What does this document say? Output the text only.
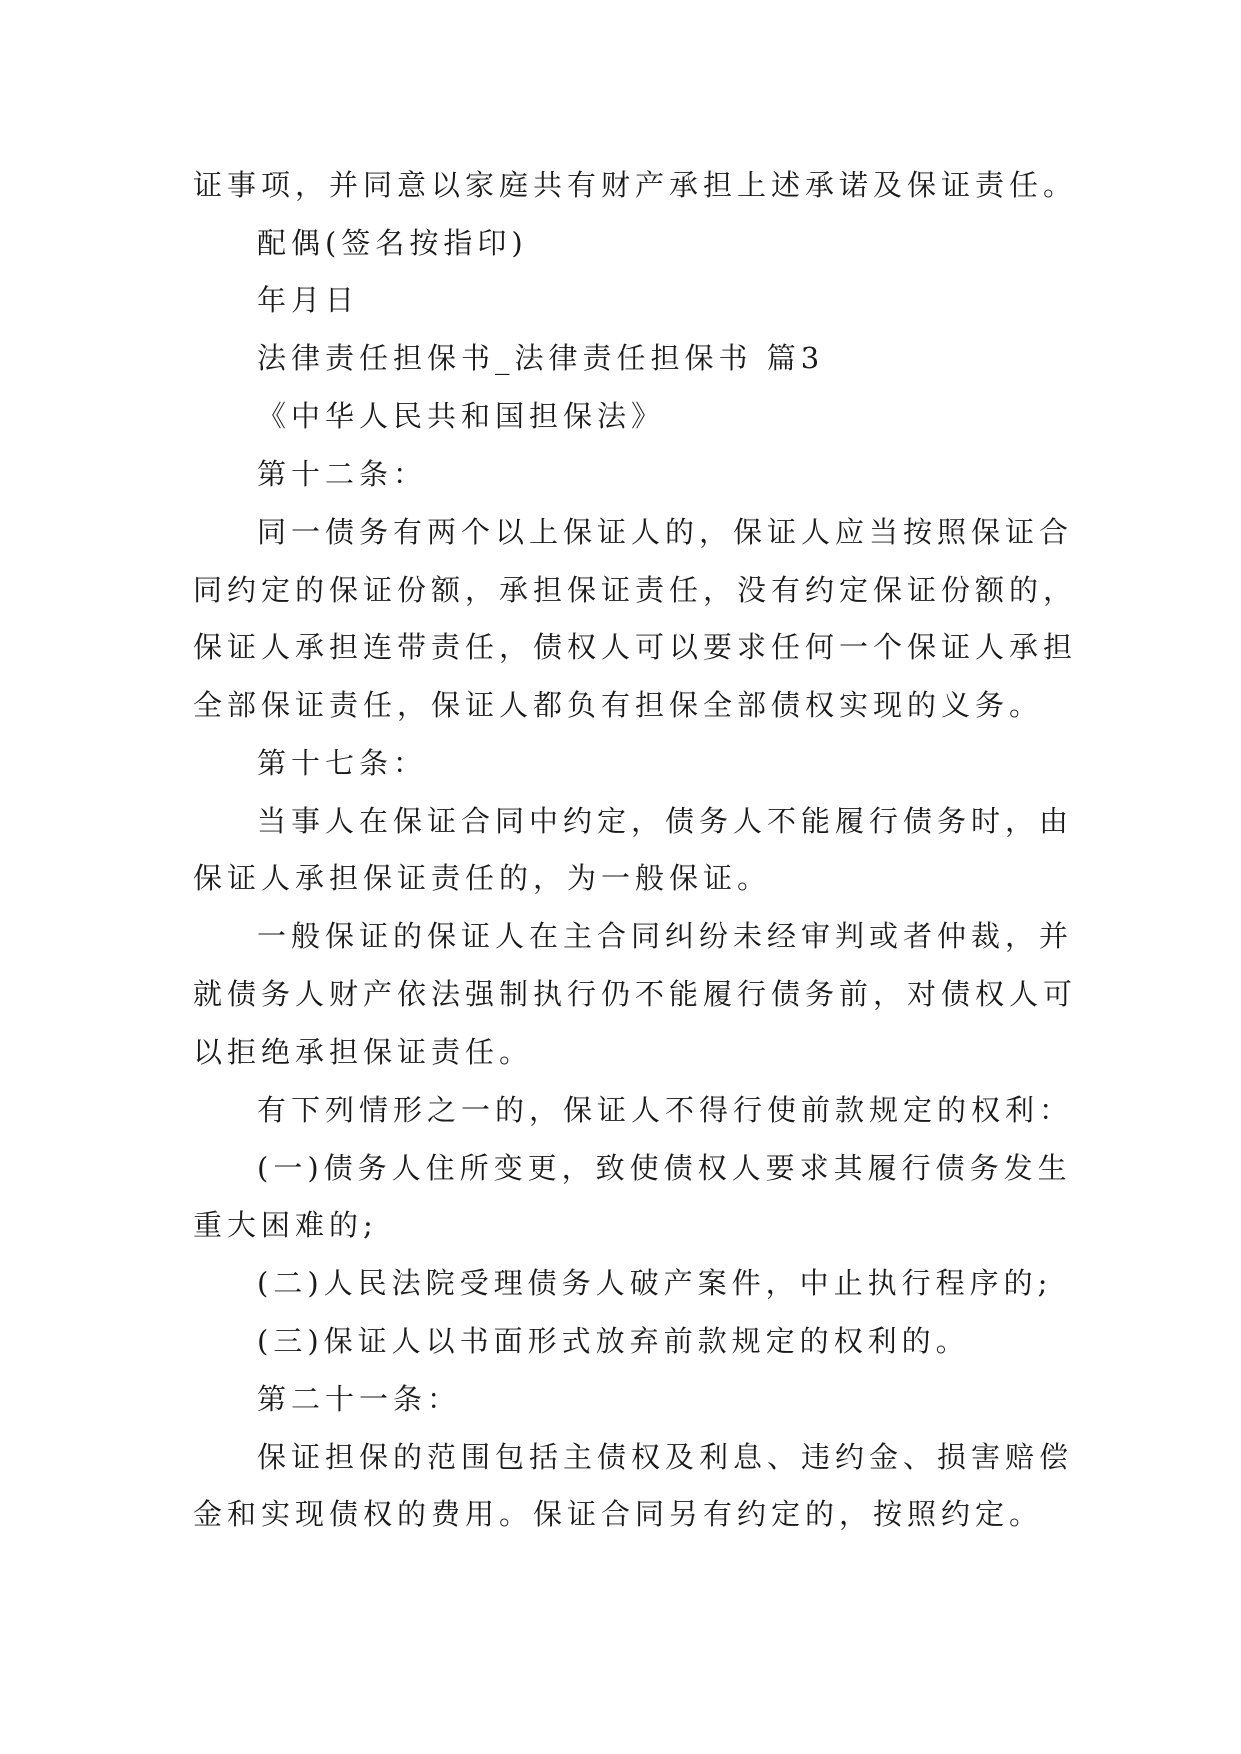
证事项，并同意以家庭共有财产承担上述承诺及保证责任。
配偶(签名按指印)
年月日
法律责任担保书_法律责任担保书 篇3
《中华人民共和国担保法》
第十二条：
同一债务有两个以上保证人的，保证人应当按照保证合
同约定的保证份额，承担保证责任，没有约定保证份额的，
保证人承担连带责任，债权人可以要求任何一个保证人承担
全部保证责任，保证人都负有担保全部债权实现的义务。
第十七条：
当事人在保证合同中约定，债务人不能履行债务时，由
保证人承担保证责任的，为一般保证。
一般保证的保证人在主合同纠纷未经审判或者仲裁，并
就债务人财产依法强制执行仍不能履行债务前，对债权人可
以拒绝承担保证责任。
有下列情形之一的，保证人不得行使前款规定的权利：
(一)债务人住所变更，致使债权人要求其履行债务发生
重大困难的;
(二)人民法院受理债务人破产案件，中止执行程序的;
(三)保证人以书面形式放弃前款规定的权利的。
第二十一条：
保证担保的范围包括主债权及利息、违约金、损害赔偿
金和实现债权的费用。保证合同另有约定的，按照约定。
